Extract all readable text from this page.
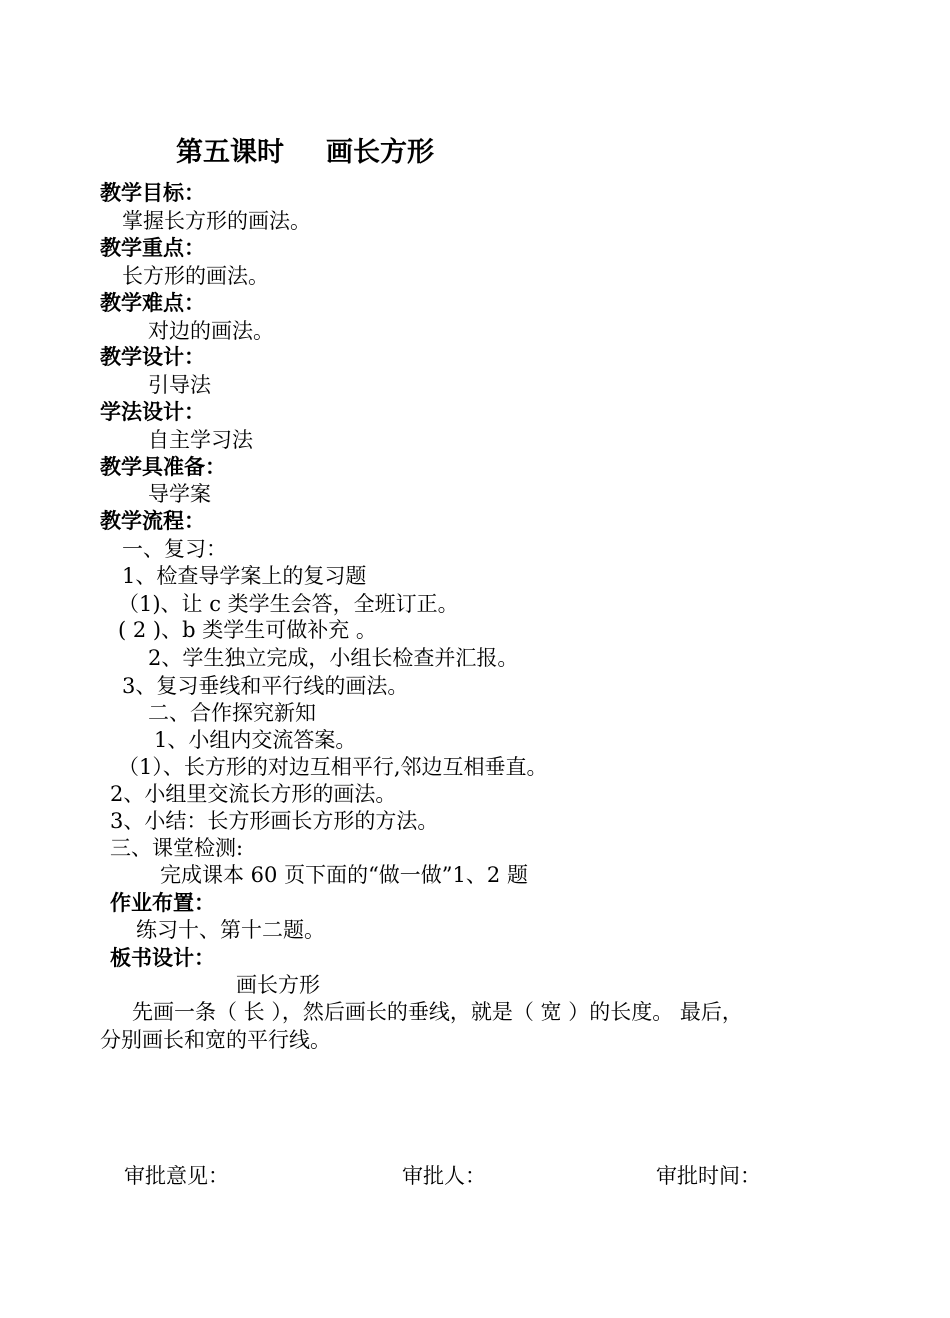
第五课时 画长方形
教学目标：
掌握长方形的画法。
教学重点：
长方形的画法。
教学难点：
对边的画法。
教学设计：
引导法
学法设计：
自主学习法
教学具准备：
导学案
教学流程：
一、复习：
1、检查导学案上的复习题
（1)、让 c 类学生会答，全班订正。
( 2 )、b 类学生可做补充 。
2、学生独立完成，小组长检查并汇报。
3、复习垂线和平行线的画法。
二、合作探究新知
1、小组内交流答案。
（1）、长方形的对边互相平行,邻边互相垂直。
2、小组里交流长方形的画法。
3、小结：长方形画长方形的方法。
三、课堂检测:
完成课本 60 页下面的“做一做”1、2 题
作业布置：
练习十、第十二题。
板书设计：
画长方形
先画一条（ 长 ），然后画长的垂线，就是（ 宽 ）的长度。 最后，
分别画长和宽的平行线。
审批意见：	审批人：	审批时间：
